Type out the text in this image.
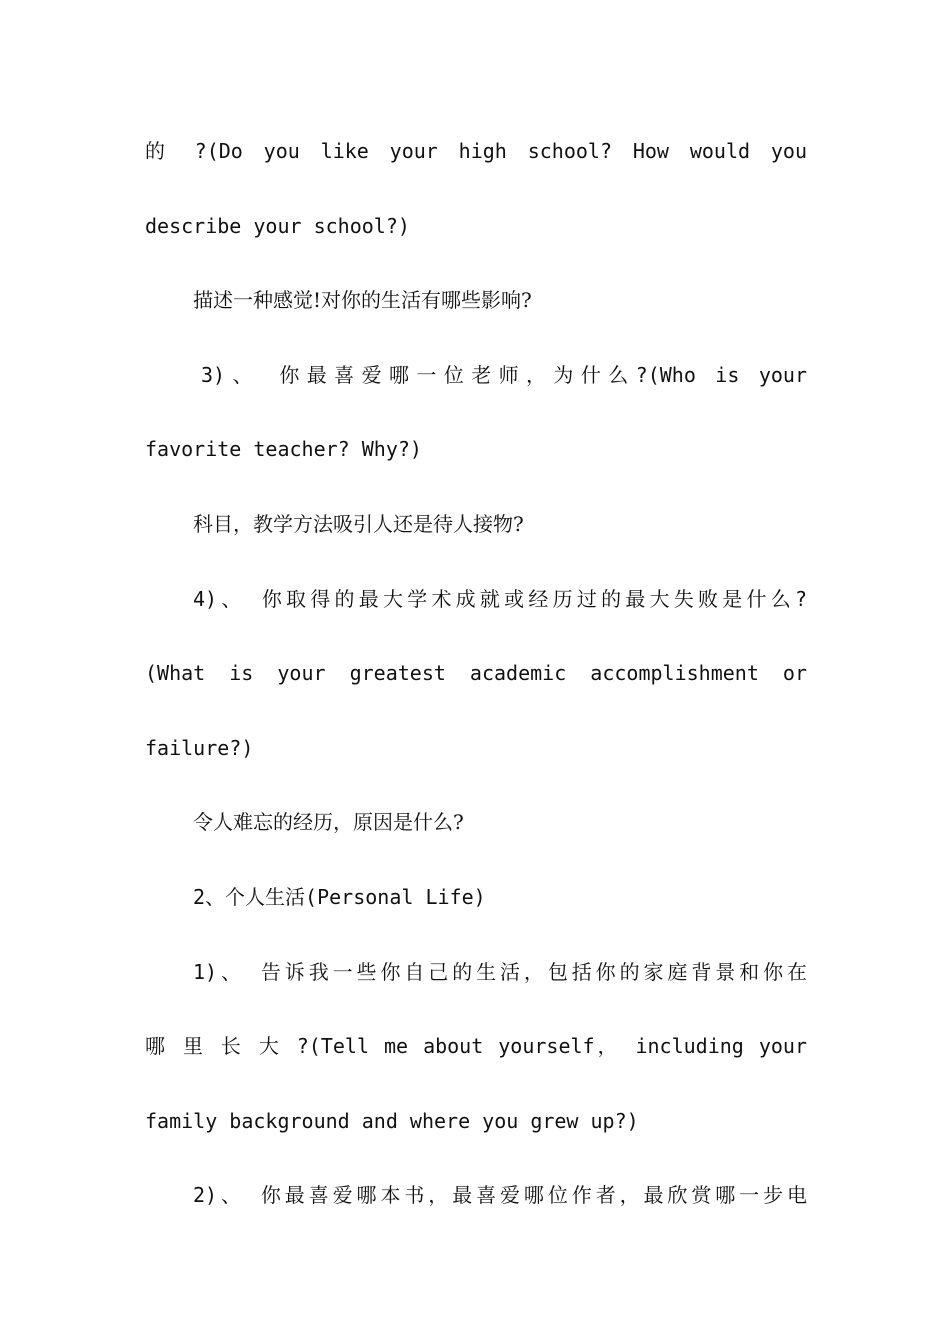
的 ?(Do you like your high school? How would you
describe your school?)
描述一种感觉!对你的生活有哪些影响?
3)、 你最喜爱哪一位老师，为什么?(Who is your
favorite teacher? Why?)
科目，教学方法吸引人还是待人接物?
4)、 你取得的最大学术成就或经历过的最大失败是什么?
(What is your greatest academic accomplishment or
failure?)
令人难忘的经历，原因是什么?
2、个人生活(Personal Life)
1)、 告诉我一些你自己的生活，包括你的家庭背景和你在
哪 里 长 大 ?(Tell me about yourself， including your
family background and where you grew up?)
2)、 你最喜爱哪本书，最喜爱哪位作者，最欣赏哪一步电
